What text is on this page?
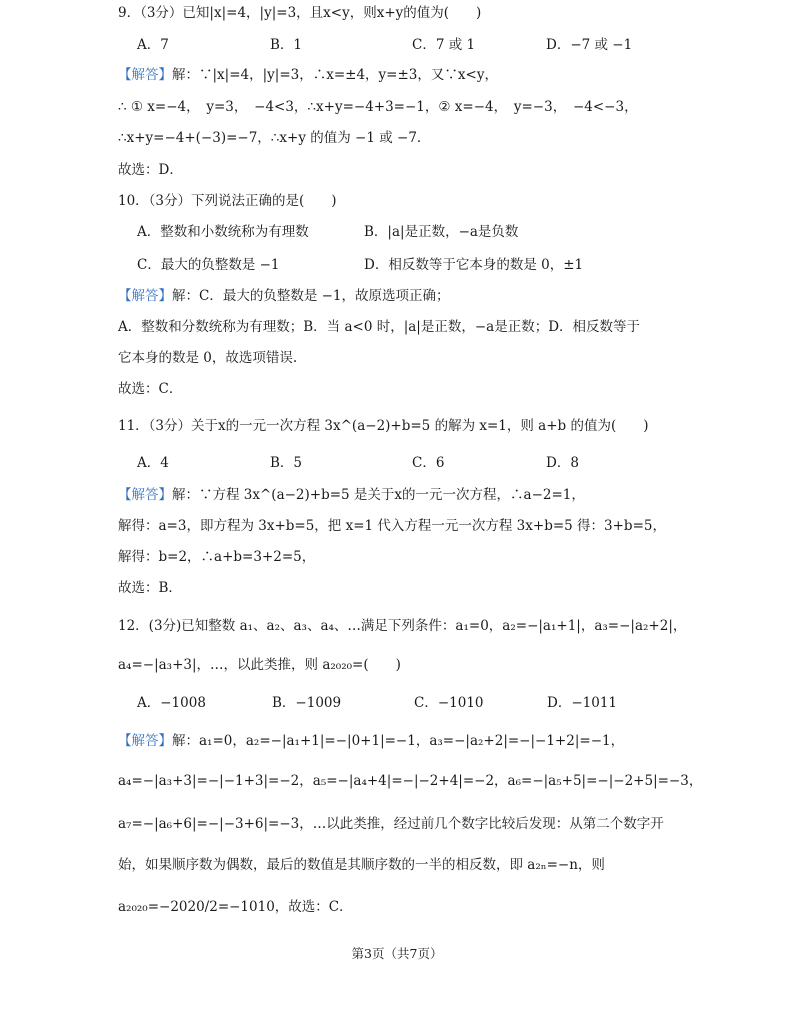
9．（3分）已知|x|=4，|y|=3，且x<y，则x+y的值为(　　)
A．7	B．1	C．7 或 1	D．−7 或 −1
【解答】解：∵|x|=4，|y|=3，∴x=±4，y=±3，又∵x<y，
∴ ① x=−4，　y=3，　−4<3，∴x+y=−4+3=−1，② x=−4，　y=−3，　−4<−3，
∴x+y=−4+(−3)=−7，∴x+y 的值为 −1 或 −7．
故选：D．
10．（3分）下列说法正确的是(　　)
A．整数和小数统称为有理数	B．|a|是正数，−a是负数
C．最大的负整数是 −1	D．相反数等于它本身的数是 0，±1
【解答】解：C．最大的负整数是 −1，故原选项正确；
A．整数和分数统称为有理数；B．当 a<0 时，|a|是正数，−a是正数；D．相反数等于
它本身的数是 0，故选项错误.
故选：C．
11．（3分）关于x的一元一次方程 3x^(a−2)+b=5 的解为 x=1，则 a+b 的值为(　　)
A．4	B．5	C．6	D．8
【解答】解：∵方程 3x^(a−2)+b=5 是关于x的一元一次方程，∴a−2=1，
解得：a=3，即方程为 3x+b=5，把 x=1 代入方程一元一次方程 3x+b=5 得：3+b=5，
解得：b=2，∴a+b=3+2=5，
故选：B．
12．(3分)已知整数 a₁、a₂、a₃、a₄、…满足下列条件：a₁=0，a₂=−|a₁+1|，a₃=−|a₂+2|，
a₄=−|a₃+3|，…，以此类推，则 a₂₀₂₀=(　　)
A．−1008	B．−1009	C．−1010	D．−1011
【解答】解：a₁=0，a₂=−|a₁+1|=−|0+1|=−1，a₃=−|a₂+2|=−|−1+2|=−1，
a₄=−|a₃+3|=−|−1+3|=−2，a₅=−|a₄+4|=−|−2+4|=−2，a₆=−|a₅+5|=−|−2+5|=−3，
a₇=−|a₆+6|=−|−3+6|=−3，…以此类推，经过前几个数字比较后发现：从第二个数字开
始，如果顺序数为偶数，最后的数值是其顺序数的一半的相反数，即 a₂ₙ=−n，则
a₂₀₂₀=−2020/2=−1010，故选：C．
第3页（共7页）
